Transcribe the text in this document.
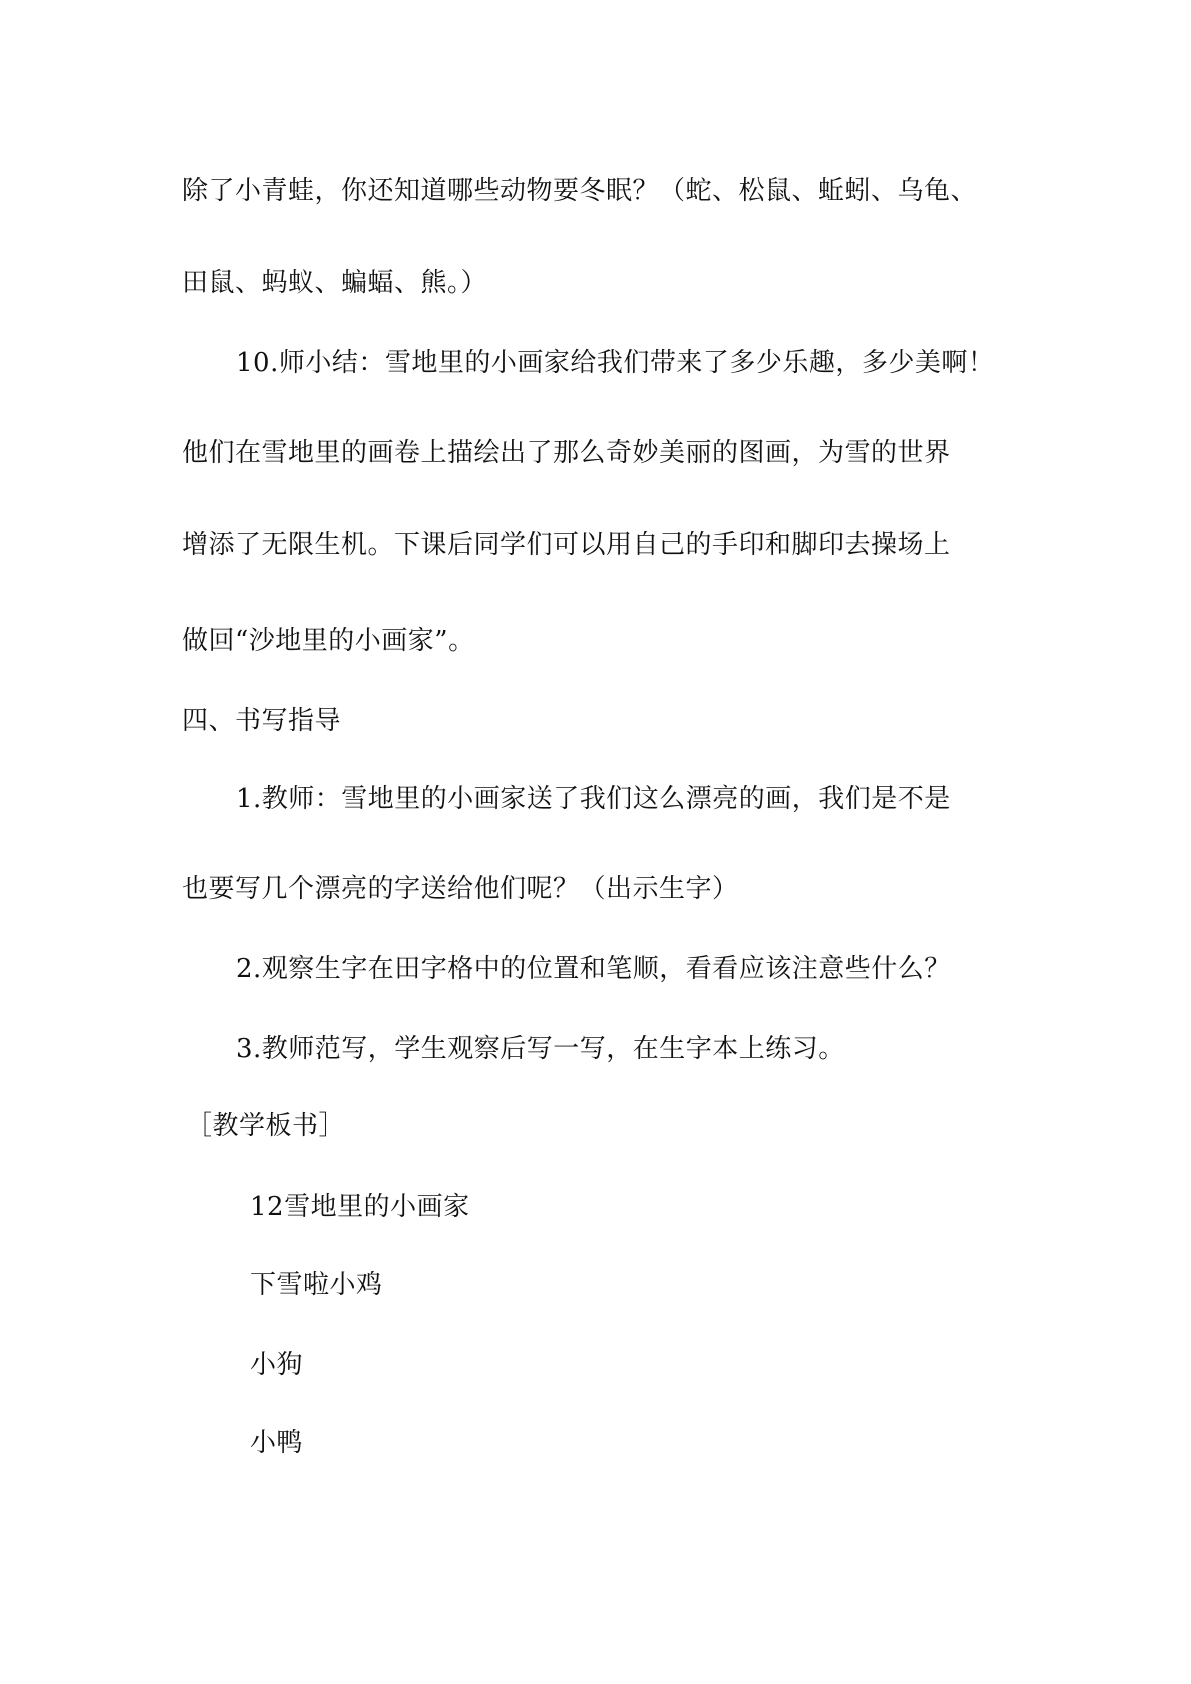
除了小青蛙，你还知道哪些动物要冬眠？（蛇、松鼠、蚯蚓、乌龟、
田鼠、蚂蚁、蝙蝠、熊。）
10.师小结：雪地里的小画家给我们带来了多少乐趣，多少美啊！
他们在雪地里的画卷上描绘出了那么奇妙美丽的图画，为雪的世界
增添了无限生机。下课后同学们可以用自己的手印和脚印去操场上
做回“沙地里的小画家”。
四、书写指导
1.教师：雪地里的小画家送了我们这么漂亮的画，我们是不是
也要写几个漂亮的字送给他们呢？（出示生字）
2.观察生字在田字格中的位置和笔顺，看看应该注意些什么？
3.教师范写，学生观察后写一写，在生字本上练习。
［教学板书］
12雪地里的小画家
下雪啦小鸡
小狗
小鸭
